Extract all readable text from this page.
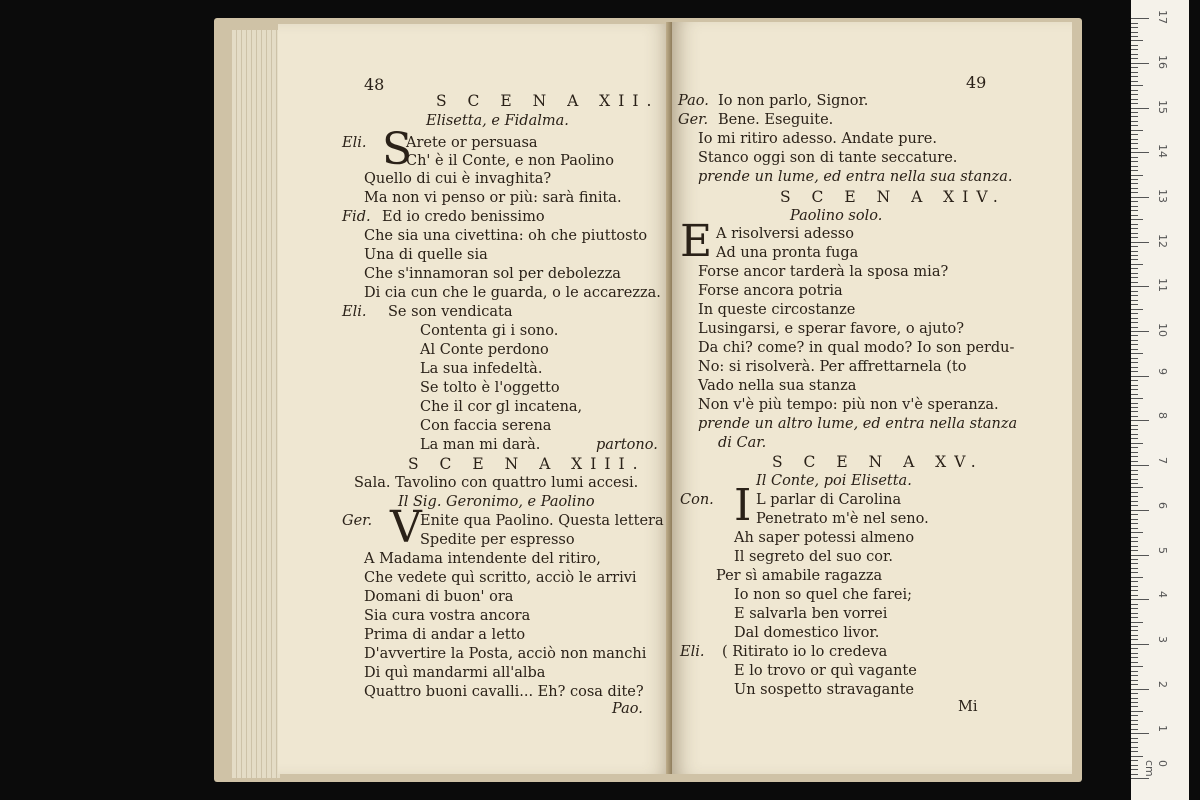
48
S C E N A XII.
Elisetta, e Fidalma.
Eli. S
Arete or persuasa
Ch' è il Conte, e non Paolino
Quello di cui è invaghita?
Ma non vi penso or più: sarà finita.
Fid. Ed io credo benissimo
Che sia una civettina: oh che piuttosto
Una di quelle sia
Che s'innamoran sol per debolezza
Di cia cun che le guarda, o le accarezza.
Eli. Se son vendicata
Contenta gi i sono.
Al Conte perdono
La sua infedeltà.
Se tolto è l'oggetto
Che il cor gl incatena,
Con faccia serena
La man mi darà.	partono.
S C E N A XIII.
Sala. Tavolino con quattro lumi accesi.
Il Sig. Geronimo, e Paolino
Ger. V
Enite qua Paolino. Questa lettera
Spedite per espresso
A Madama intendente del ritiro,
Che vedete quì scritto, acciò le arrivi
Domani di buon' ora
Sia cura vostra ancora
Prima di andar a letto
D'avvertire la Posta, acciò non manchi
Di quì mandarmi all'alba
Quattro buoni cavalli... Eh? cosa dite?
Pao.
49
Pao. Io non parlo, Signor.
Ger. Bene. Eseguite.
Io mi ritiro adesso. Andate pure.
Stanco oggi son di tante seccature.
prende un lume, ed entra nella sua stanza.
S C E N A XIV.
Paolino solo.
E A risolversi adesso
Ad una pronta fuga
Forse ancor tarderà la sposa mia?
Forse ancora potria
In queste circostanze
Lusingarsi, e sperar favore, o ajuto?
Da chi? come? in qual modo? Io son perdu-
No: si risolverà. Per affrettarnela (to
Vado nella sua stanza
Non v'è più tempo: più non v'è speranza.
prende un altro lume, ed entra nella stanza
di Car.
S C E N A XV.
Il Conte, poi Elisetta.
Con. I L parlar di Carolina
Penetrato m'è nel seno.
Ah saper potessi almeno
Il segreto del suo cor.
Per sì amabile ragazza
Io non so quel che farei;
E salvarla ben vorrei
Dal domestico livor.
Eli. ( Ritirato io lo credeva
E lo trovo or quì vagante
Un sospetto stravagante
Mi
1
2
3
4
5
6
7
8
9
10
11
12
13
14
15
16
17
0 cm
